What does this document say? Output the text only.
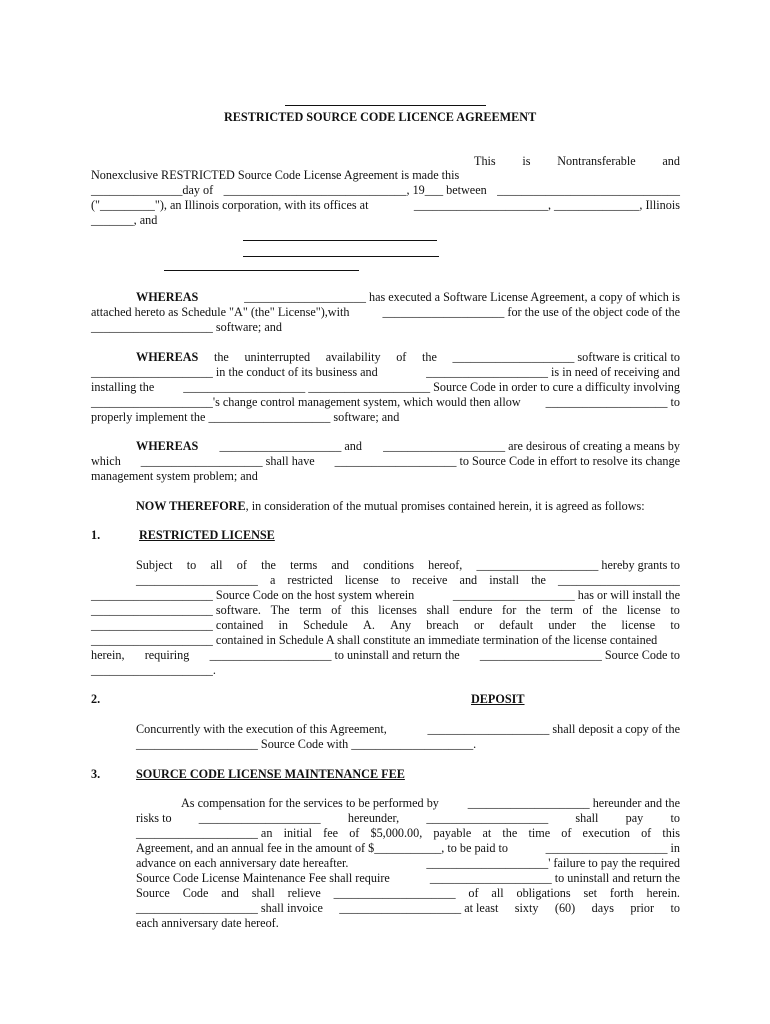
RESTRICTED SOURCE CODE LICENCE AGREEMENT
This is Nontransferable and
Nonexclusive RESTRICTED Source Code License Agreement is made this
_______________day of ______________________________, 19___ between ______________________________
("_________"), an Illinois corporation, with its offices at	______________________, ______________, Illinois
_______, and
WHEREAS	____________________ has executed a Software License Agreement, a copy of which is
attached hereto as Schedule "A" (the" License"),with	____________________ for the use of the object code of the
____________________ software; and
WHEREAS the uninterrupted availability of the ____________________ software is critical to
____________________ in the conduct of its business and	____________________ is in need of receiving and
installing the ____________________ ____________________ Source Code in order to cure a difficulty involving
____________________'s change control management system, which would then allow ____________________ to
properly implement the ____________________ software; and
WHEREAS ____________________ and ____________________ are desirous of creating a means by
which ____________________ shall have ____________________ to Source Code in effort to resolve its change
management system problem; and
NOW THEREFORE, in consideration of the mutual promises contained herein, it is agreed as follows:
1.	RESTRICTED LICENSE
Subject to all of the terms and conditions hereof, ____________________ hereby grants to
____________________ a restricted license to receive and install the ____________________
____________________ Source Code on the host system wherein	____________________ has or will install the
____________________ software. The term of this licenses shall endure for the term of the license to
____________________ contained in Schedule A. Any breach or default under the license to
____________________ contained in Schedule A shall constitute an immediate termination of the license contained
herein, requiring ____________________ to uninstall and return the ____________________ Source Code to
____________________.
2.	DEPOSIT
Concurrently with the execution of this Agreement,	____________________ shall deposit a copy of the
____________________ Source Code with ____________________.
3.	SOURCE CODE LICENSE MAINTENANCE FEE
As compensation for the services to be performed by ____________________ hereunder and the
risks to ____________________ hereunder, ____________________ shall pay to
____________________ an initial fee of $5,000.00, payable at the time of execution of this
Agreement, and an annual fee in the amount of $___________, to be paid to	____________________ in
advance on each anniversary date hereafter.	____________________' failure to pay the required
Source Code License Maintenance Fee shall require	____________________ to uninstall and return the
Source Code and shall relieve ____________________ of all obligations set forth herein.
____________________ shall invoice ____________________ at least sixty (60) days prior to
each anniversary date hereof.
